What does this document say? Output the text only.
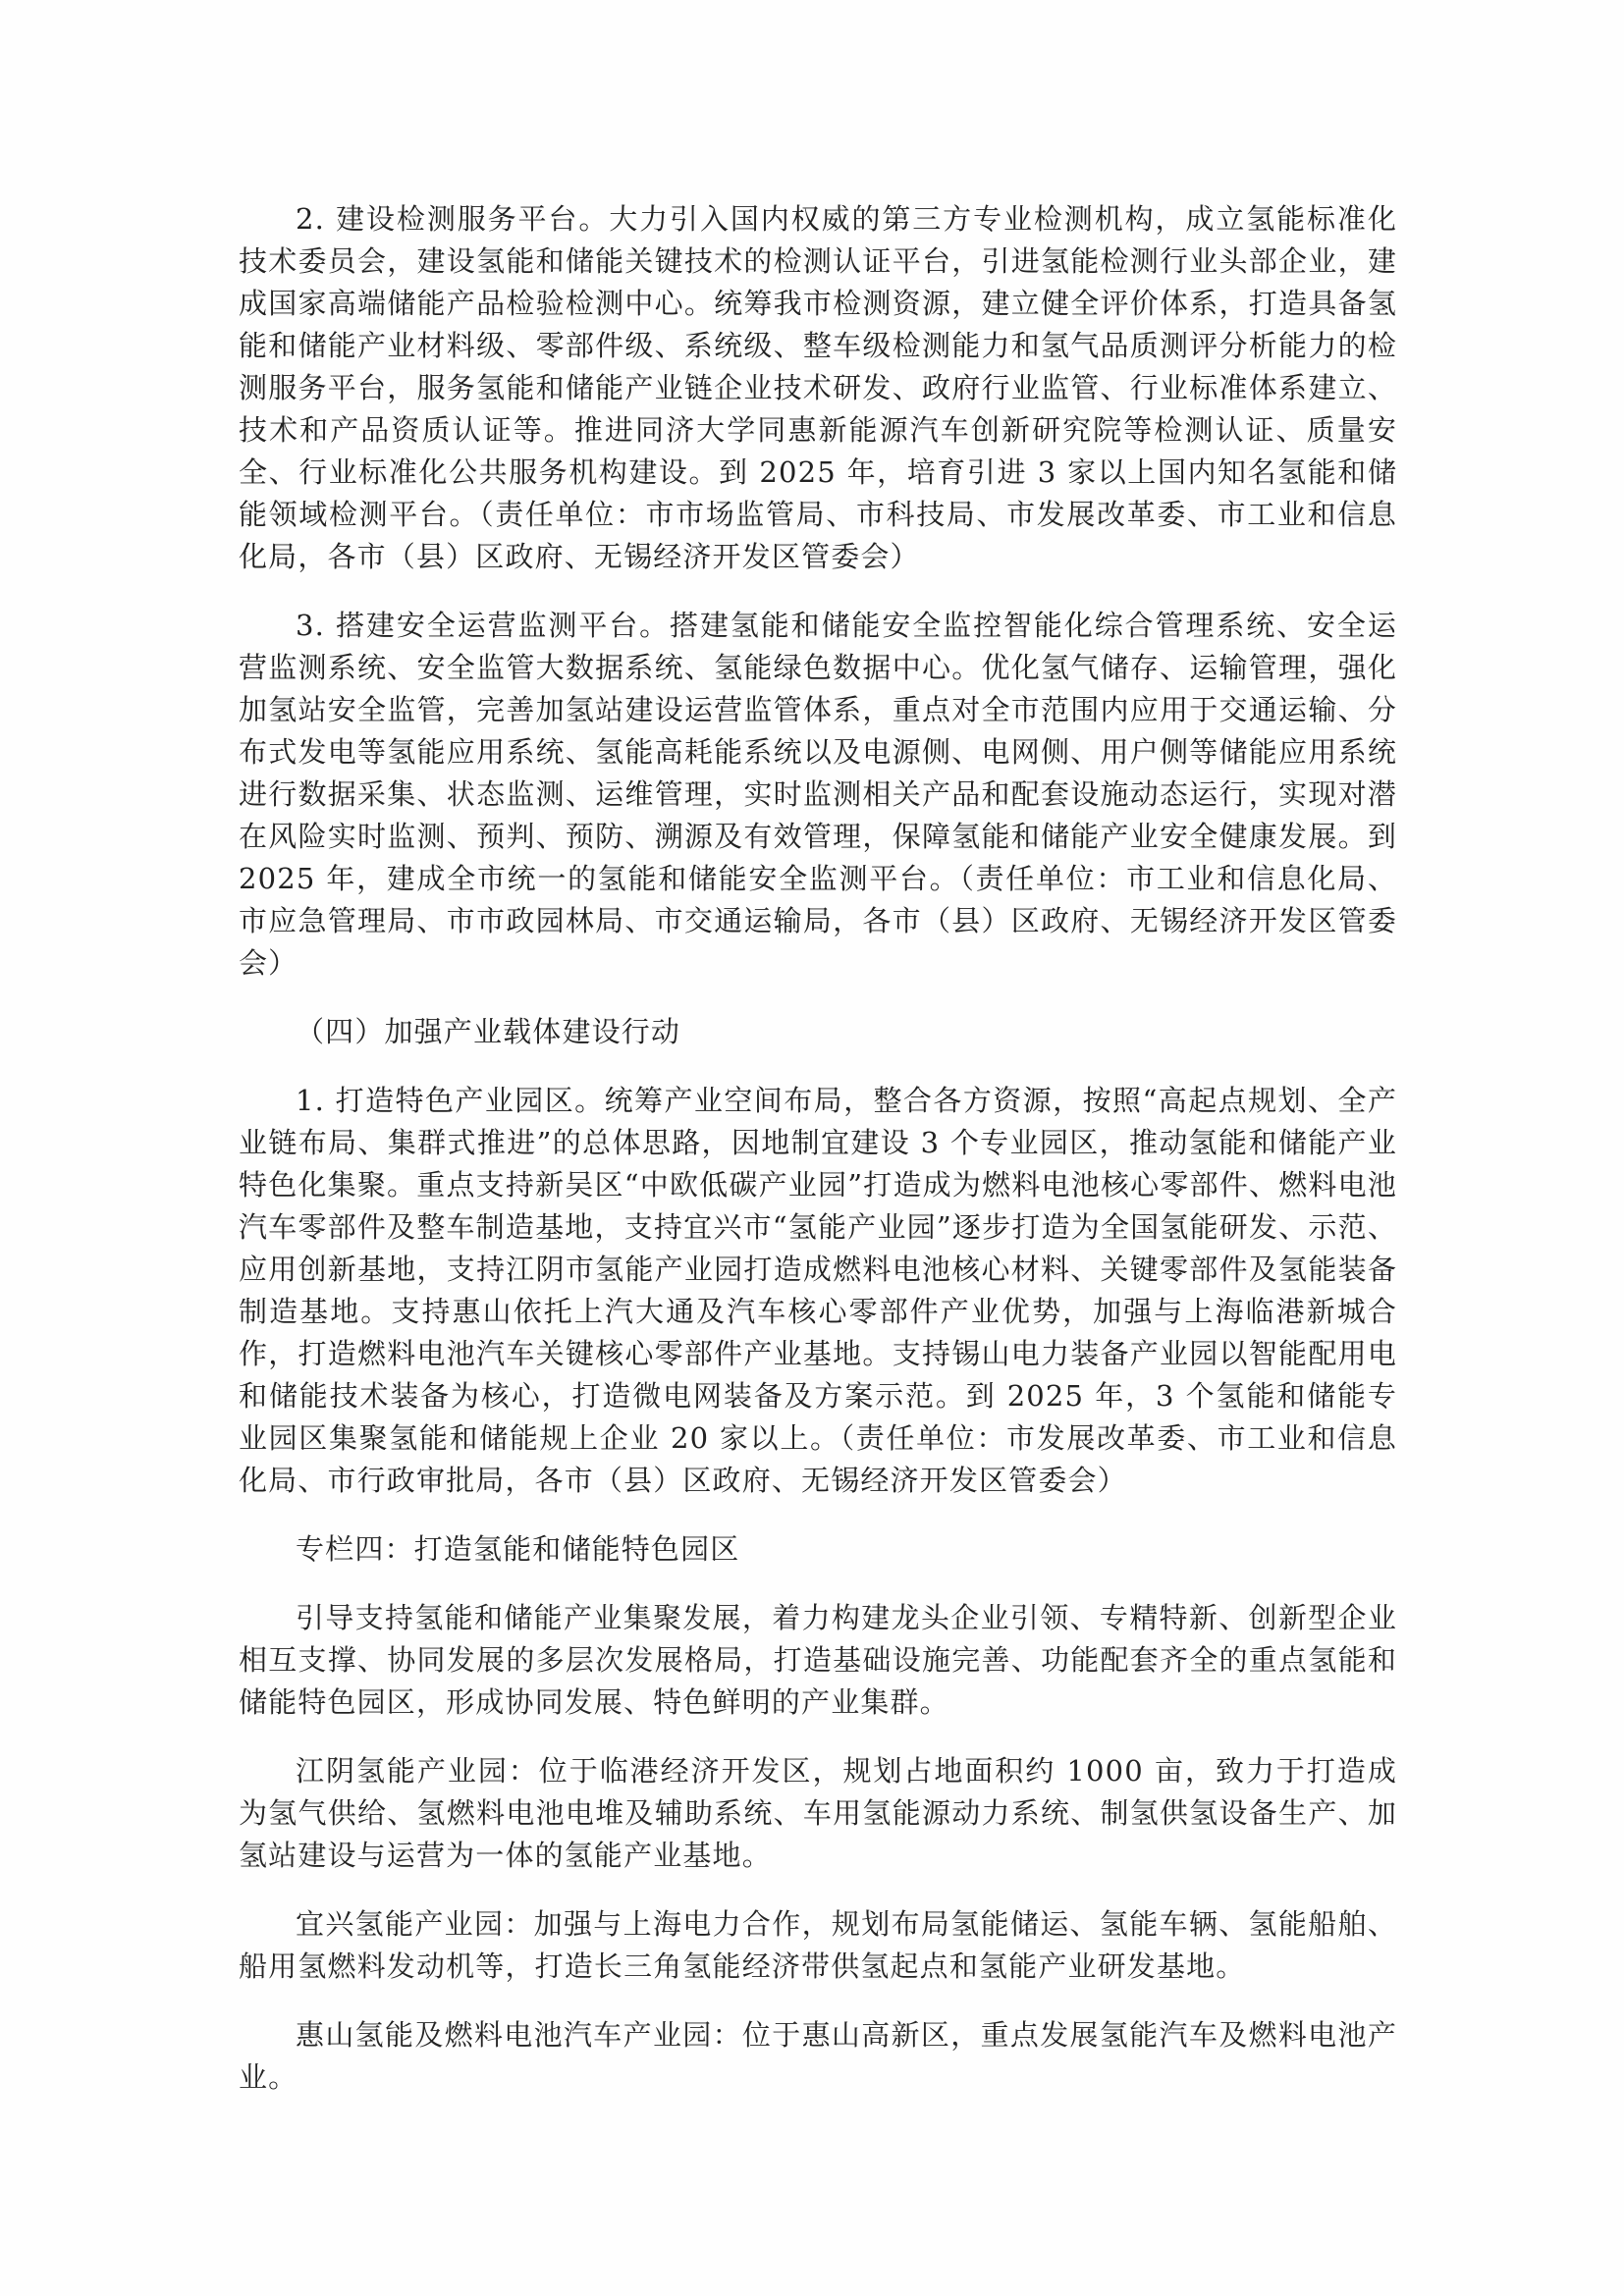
2. 建设检测服务平台。大力引入国内权威的第三方专业检测机构，成立氢能标准化技术委员会，建设氢能和储能关键技术的检测认证平台，引进氢能检测行业头部企业，建成国家高端储能产品检验检测中心。统筹我市检测资源，建立健全评价体系，打造具备氢能和储能产业材料级、零部件级、系统级、整车级检测能力和氢气品质测评分析能力的检测服务平台，服务氢能和储能产业链企业技术研发、政府行业监管、行业标准体系建立、技术和产品资质认证等。推进同济大学同惠新能源汽车创新研究院等检测认证、质量安全、行业标准化公共服务机构建设。到 2025 年，培育引进 3 家以上国内知名氢能和储能领域检测平台。（责任单位：市市场监管局、市科技局、市发展改革委、市工业和信息化局，各市（县）区政府、无锡经济开发区管委会）

3. 搭建安全运营监测平台。搭建氢能和储能安全监控智能化综合管理系统、安全运营监测系统、安全监管大数据系统、氢能绿色数据中心。优化氢气储存、运输管理，强化加氢站安全监管，完善加氢站建设运营监管体系，重点对全市范围内应用于交通运输、分布式发电等氢能应用系统、氢能高耗能系统以及电源侧、电网侧、用户侧等储能应用系统进行数据采集、状态监测、运维管理，实时监测相关产品和配套设施动态运行，实现对潜在风险实时监测、预判、预防、溯源及有效管理，保障氢能和储能产业安全健康发展。到 2025 年，建成全市统一的氢能和储能安全监测平台。（责任单位：市工业和信息化局、市应急管理局、市市政园林局、市交通运输局，各市（县）区政府、无锡经济开发区管委会）

（四）加强产业载体建设行动

1. 打造特色产业园区。统筹产业空间布局，整合各方资源，按照“高起点规划、全产业链布局、集群式推进”的总体思路，因地制宜建设 3 个专业园区，推动氢能和储能产业特色化集聚。重点支持新吴区“中欧低碳产业园”打造成为燃料电池核心零部件、燃料电池汽车零部件及整车制造基地，支持宜兴市“氢能产业园”逐步打造为全国氢能研发、示范、应用创新基地，支持江阴市氢能产业园打造成燃料电池核心材料、关键零部件及氢能装备制造基地。支持惠山依托上汽大通及汽车核心零部件产业优势，加强与上海临港新城合作，打造燃料电池汽车关键核心零部件产业基地。支持锡山电力装备产业园以智能配用电和储能技术装备为核心，打造微电网装备及方案示范。到 2025 年，3 个氢能和储能专业园区集聚氢能和储能规上企业 20 家以上。（责任单位：市发展改革委、市工业和信息化局、市行政审批局，各市（县）区政府、无锡经济开发区管委会）

专栏四：打造氢能和储能特色园区

引导支持氢能和储能产业集聚发展，着力构建龙头企业引领、专精特新、创新型企业相互支撑、协同发展的多层次发展格局，打造基础设施完善、功能配套齐全的重点氢能和储能特色园区，形成协同发展、特色鲜明的产业集群。

江阴氢能产业园：位于临港经济开发区，规划占地面积约 1000 亩，致力于打造成为氢气供给、氢燃料电池电堆及辅助系统、车用氢能源动力系统、制氢供氢设备生产、加氢站建设与运营为一体的氢能产业基地。

宜兴氢能产业园：加强与上海电力合作，规划布局氢能储运、氢能车辆、氢能船舶、船用氢燃料发动机等，打造长三角氢能经济带供氢起点和氢能产业研发基地。

惠山氢能及燃料电池汽车产业园：位于惠山高新区，重点发展氢能汽车及燃料电池产业。
